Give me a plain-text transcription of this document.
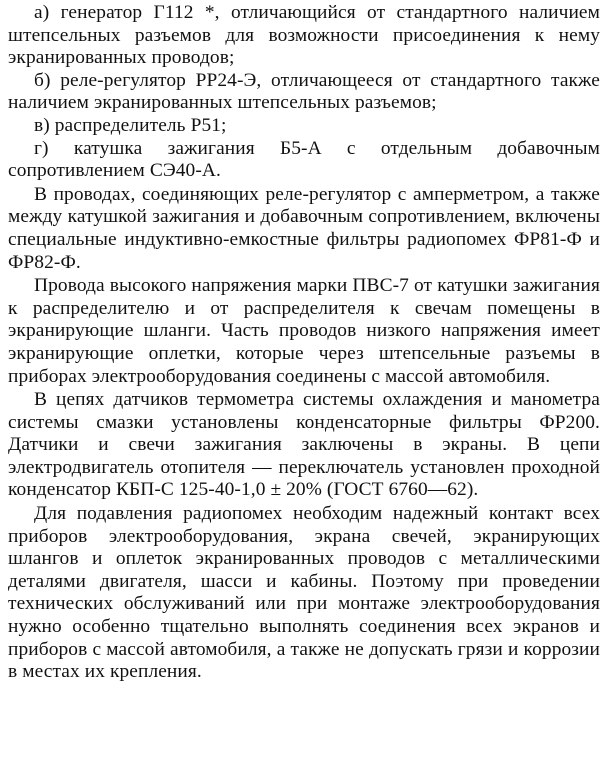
а) генератор Г112 *, отличающийся от стандартного наличием штепсельных разъемов для возможности присоединения к нему экранированных проводов;

б) реле-регулятор РР24-Э, отличающееся от стандартного также наличием экранированных штепсельных разъемов;

в) распределитель Р51;

г) катушка зажигания Б5-А с отдельным добавочным сопротивлением СЭ40-А.

В проводах, соединяющих реле-регулятор с амперметром, а также между катушкой зажигания и добавочным сопротивлением, включены специальные индуктивно-емкостные фильтры радиопомех ФР81-Ф и ФР82-Ф.

Провода высокого напряжения марки ПВС-7 от катушки зажигания к распределителю и от распределителя к свечам помещены в экранирующие шланги. Часть проводов низкого напряжения имеет экранирующие оплетки, которые через штепсельные разъемы в приборах электрооборудования соединены с массой автомобиля.

В цепях датчиков термометра системы охлаждения и манометра системы смазки установлены конденсаторные фильтры ФР200. Датчики и свечи зажигания заключены в экраны. В цепи электродвигатель отопителя — переключатель установлен проходной конденсатор КБП-С 125-40-1,0 ± 20% (ГОСТ 6760—62).

Для подавления радиопомех необходим надежный контакт всех приборов электрооборудования, экрана свечей, экранирующих шлангов и оплеток экранированных проводов с металлическими деталями двигателя, шасси и кабины. Поэтому при проведении технических обслуживаний или при монтаже электрооборудования нужно особенно тщательно выполнять соединения всех экранов и приборов с массой автомобиля, а также не допускать грязи и коррозии в местах их крепления.
